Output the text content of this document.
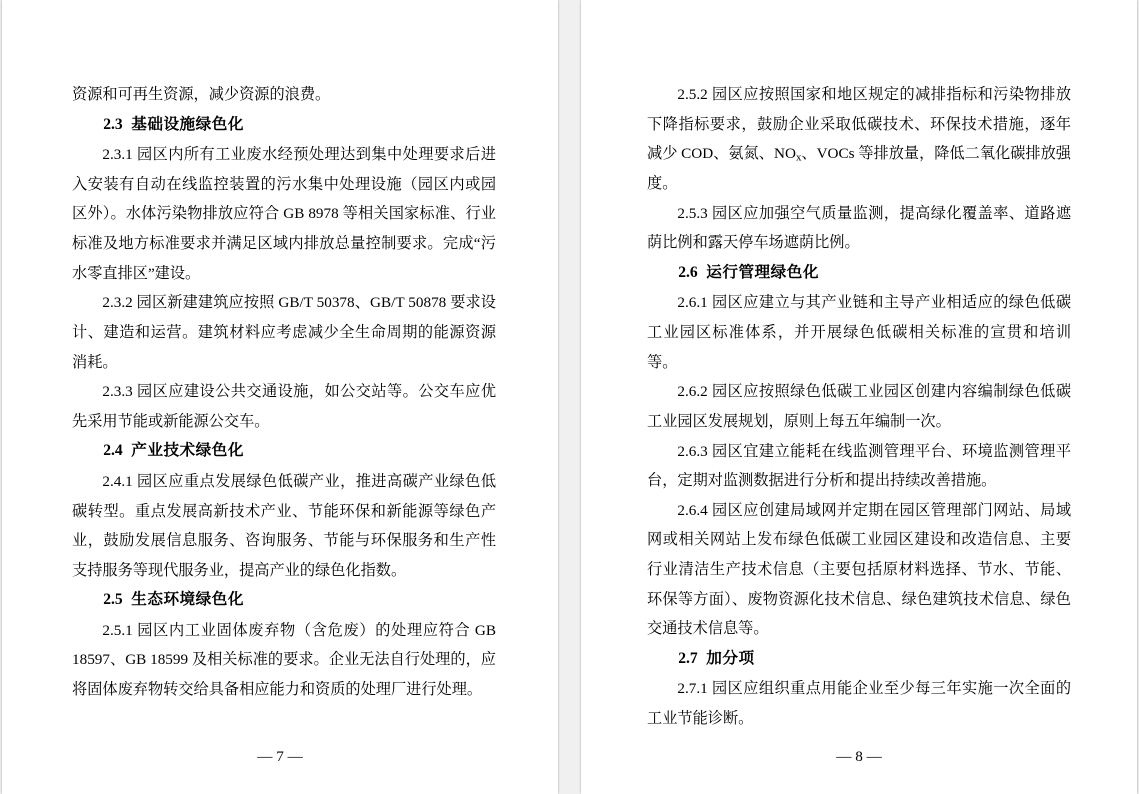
资源和可再生资源，减少资源的浪费。

2.3 基础设施绿色化

2.3.1 园区内所有工业废水经预处理达到集中处理要求后进入安装有自动在线监控装置的污水集中处理设施（园区内或园区外）。水体污染物排放应符合 GB 8978 等相关国家标准、行业标准及地方标准要求并满足区域内排放总量控制要求。完成“污水零直排区”建设。

2.3.2 园区新建建筑应按照 GB/T 50378、GB/T 50878 要求设计、建造和运营。建筑材料应考虑减少全生命周期的能源资源消耗。

2.3.3 园区应建设公共交通设施，如公交站等。公交车应优先采用节能或新能源公交车。

2.4 产业技术绿色化

2.4.1 园区应重点发展绿色低碳产业，推进高碳产业绿色低碳转型。重点发展高新技术产业、节能环保和新能源等绿色产业，鼓励发展信息服务、咨询服务、节能与环保服务和生产性支持服务等现代服务业，提高产业的绿色化指数。

2.5 生态环境绿色化

2.5.1 园区内工业固体废弃物（含危废）的处理应符合 GB 18597、GB 18599 及相关标准的要求。企业无法自行处理的，应将固体废弃物转交给具备相应能力和资质的处理厂进行处理。

— 7 —

2.5.2 园区应按照国家和地区规定的减排指标和污染物排放下降指标要求，鼓励企业采取低碳技术、环保技术措施，逐年减少 COD、氨氮、$NO_x$、VOCs 等排放量，降低二氧化碳排放强度。

2.5.3 园区应加强空气质量监测，提高绿化覆盖率、道路遮荫比例和露天停车场遮荫比例。

2.6 运行管理绿色化

2.6.1 园区应建立与其产业链和主导产业相适应的绿色低碳工业园区标准体系，并开展绿色低碳相关标准的宣贯和培训等。

2.6.2 园区应按照绿色低碳工业园区创建内容编制绿色低碳工业园区发展规划，原则上每五年编制一次。

2.6.3 园区宜建立能耗在线监测管理平台、环境监测管理平台，定期对监测数据进行分析和提出持续改善措施。

2.6.4 园区应创建局域网并定期在园区管理部门网站、局域网或相关网站上发布绿色低碳工业园区建设和改造信息、主要行业清洁生产技术信息（主要包括原材料选择、节水、节能、环保等方面）、废物资源化技术信息、绿色建筑技术信息、绿色交通技术信息等。

2.7 加分项

2.7.1 园区应组织重点用能企业至少每三年实施一次全面的工业节能诊断。

— 8 —
